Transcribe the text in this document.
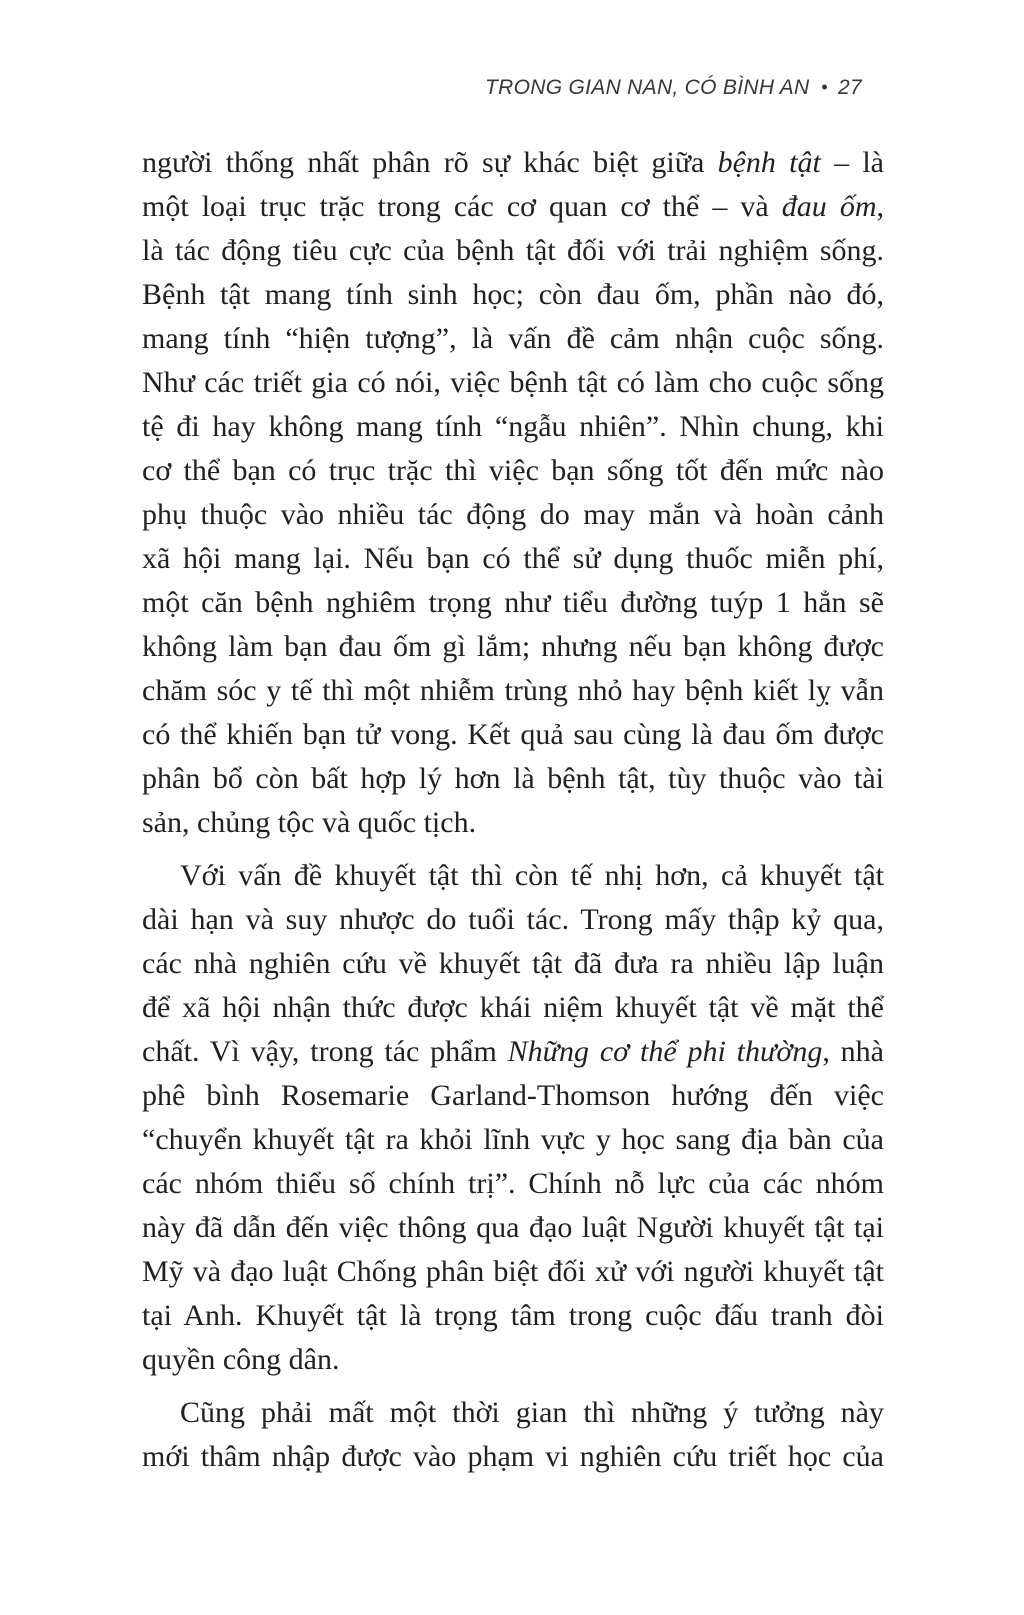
TRONG GIAN NAN, CÓ BÌNH AN • 27
người thống nhất phân rõ sự khác biệt giữa bệnh tật – là
một loại trục trặc trong các cơ quan cơ thể – và đau ốm,
là tác động tiêu cực của bệnh tật đối với trải nghiệm sống.
Bệnh tật mang tính sinh học; còn đau ốm, phần nào đó,
mang tính “hiện tượng”, là vấn đề cảm nhận cuộc sống.
Như các triết gia có nói, việc bệnh tật có làm cho cuộc sống
tệ đi hay không mang tính “ngẫu nhiên”. Nhìn chung, khi
cơ thể bạn có trục trặc thì việc bạn sống tốt đến mức nào
phụ thuộc vào nhiều tác động do may mắn và hoàn cảnh
xã hội mang lại. Nếu bạn có thể sử dụng thuốc miễn phí,
một căn bệnh nghiêm trọng như tiểu đường tuýp 1 hẳn sẽ
không làm bạn đau ốm gì lắm; nhưng nếu bạn không được
chăm sóc y tế thì một nhiễm trùng nhỏ hay bệnh kiết lỵ vẫn
có thể khiến bạn tử vong. Kết quả sau cùng là đau ốm được
phân bổ còn bất hợp lý hơn là bệnh tật, tùy thuộc vào tài
sản, chủng tộc và quốc tịch.
Với vấn đề khuyết tật thì còn tế nhị hơn, cả khuyết tật
dài hạn và suy nhược do tuổi tác. Trong mấy thập kỷ qua,
các nhà nghiên cứu về khuyết tật đã đưa ra nhiều lập luận
để xã hội nhận thức được khái niệm khuyết tật về mặt thể
chất. Vì vậy, trong tác phẩm Những cơ thể phi thường, nhà
phê bình Rosemarie Garland-Thomson hướng đến việc
“chuyển khuyết tật ra khỏi lĩnh vực y học sang địa bàn của
các nhóm thiểu số chính trị”. Chính nỗ lực của các nhóm
này đã dẫn đến việc thông qua đạo luật Người khuyết tật tại
Mỹ và đạo luật Chống phân biệt đối xử với người khuyết tật
tại Anh. Khuyết tật là trọng tâm trong cuộc đấu tranh đòi
quyền công dân.
Cũng phải mất một thời gian thì những ý tưởng này
mới thâm nhập được vào phạm vi nghiên cứu triết học của
